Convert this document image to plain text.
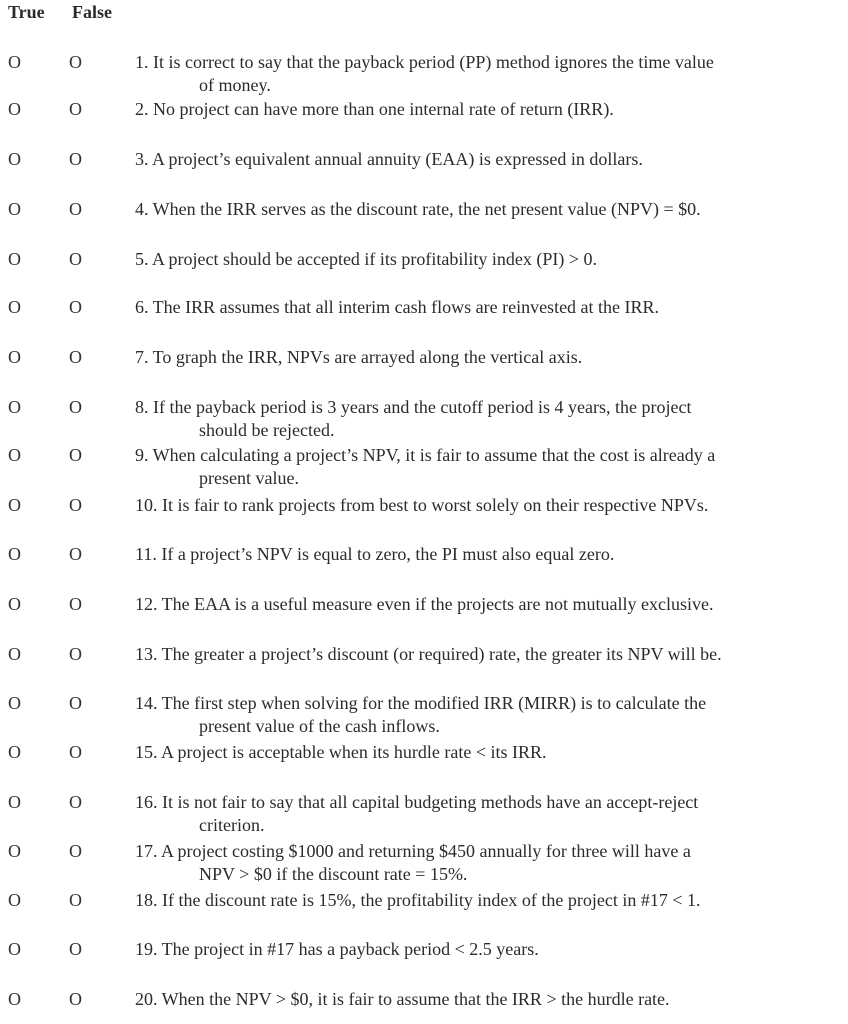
True False
O	O	1. It is correct to say that the payback period (PP) method ignores the time value
of money.
O	O	2. No project can have more than one internal rate of return (IRR).
O	O	3. A project’s equivalent annual annuity (EAA) is expressed in dollars.
O	O	4. When the IRR serves as the discount rate, the net present value (NPV) = $0.
O	O	5. A project should be accepted if its profitability index (PI) > 0.
O	O	6. The IRR assumes that all interim cash flows are reinvested at the IRR.
O	O	7. To graph the IRR, NPVs are arrayed along the vertical axis.
O	O	8. If the payback period is 3 years and the cutoff period is 4 years, the project
should be rejected.
O	O	9. When calculating a project’s NPV, it is fair to assume that the cost is already a
present value.
O	O	10. It is fair to rank projects from best to worst solely on their respective NPVs.
O	O	11. If a project’s NPV is equal to zero, the PI must also equal zero.
O	O	12. The EAA is a useful measure even if the projects are not mutually exclusive.
O	O	13. The greater a project’s discount (or required) rate, the greater its NPV will be.
O	O	14. The first step when solving for the modified IRR (MIRR) is to calculate the
present value of the cash inflows.
O	O	15. A project is acceptable when its hurdle rate < its IRR.
O	O	16. It is not fair to say that all capital budgeting methods have an accept-reject
criterion.
O	O	17. A project costing $1000 and returning $450 annually for three will have a
NPV > $0 if the discount rate = 15%.
O	O	18. If the discount rate is 15%, the profitability index of the project in #17 < 1.
O	O	19. The project in #17 has a payback period < 2.5 years.
O	O	20. When the NPV > $0, it is fair to assume that the IRR > the hurdle rate.
